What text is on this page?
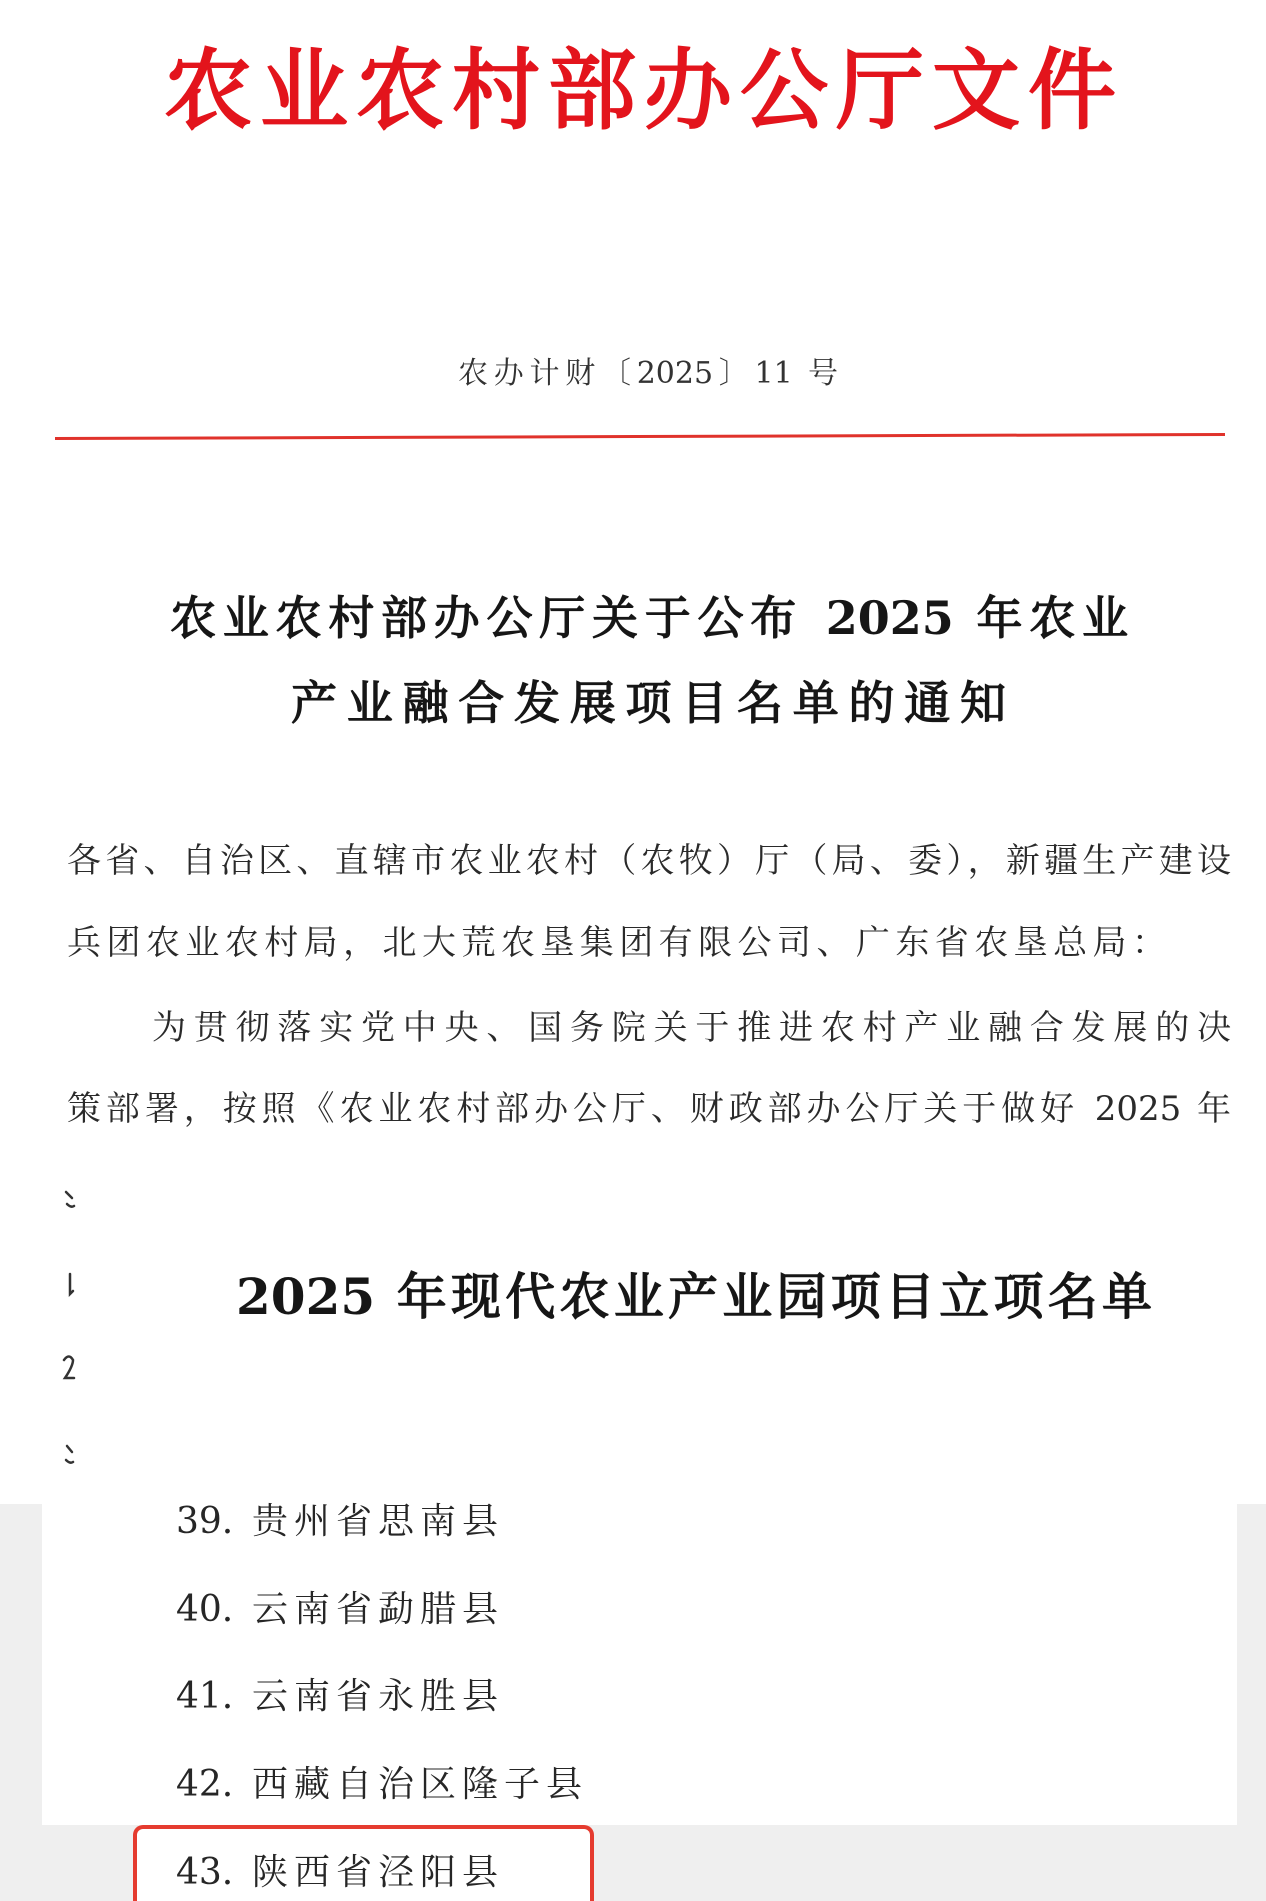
农业农村部办公厅文件
农办计财〔2025〕11 号
农业农村部办公厅关于公布 2025 年农业
产业融合发展项目名单的通知
各省、自治区、直辖市农业农村（农牧）厅（局、委），新疆生产建设
兵团农业农村局，北大荒农垦集团有限公司、广东省农垦总局：
为贯彻落实党中央、国务院关于推进农村产业融合发展的决
策部署，按照《农业农村部办公厅、财政部办公厅关于做好 2025 年
2025 年现代农业产业园项目立项名单
39. 贵州省思南县
40. 云南省勐腊县
41. 云南省永胜县
42. 西藏自治区隆子县
43. 陕西省泾阳县
